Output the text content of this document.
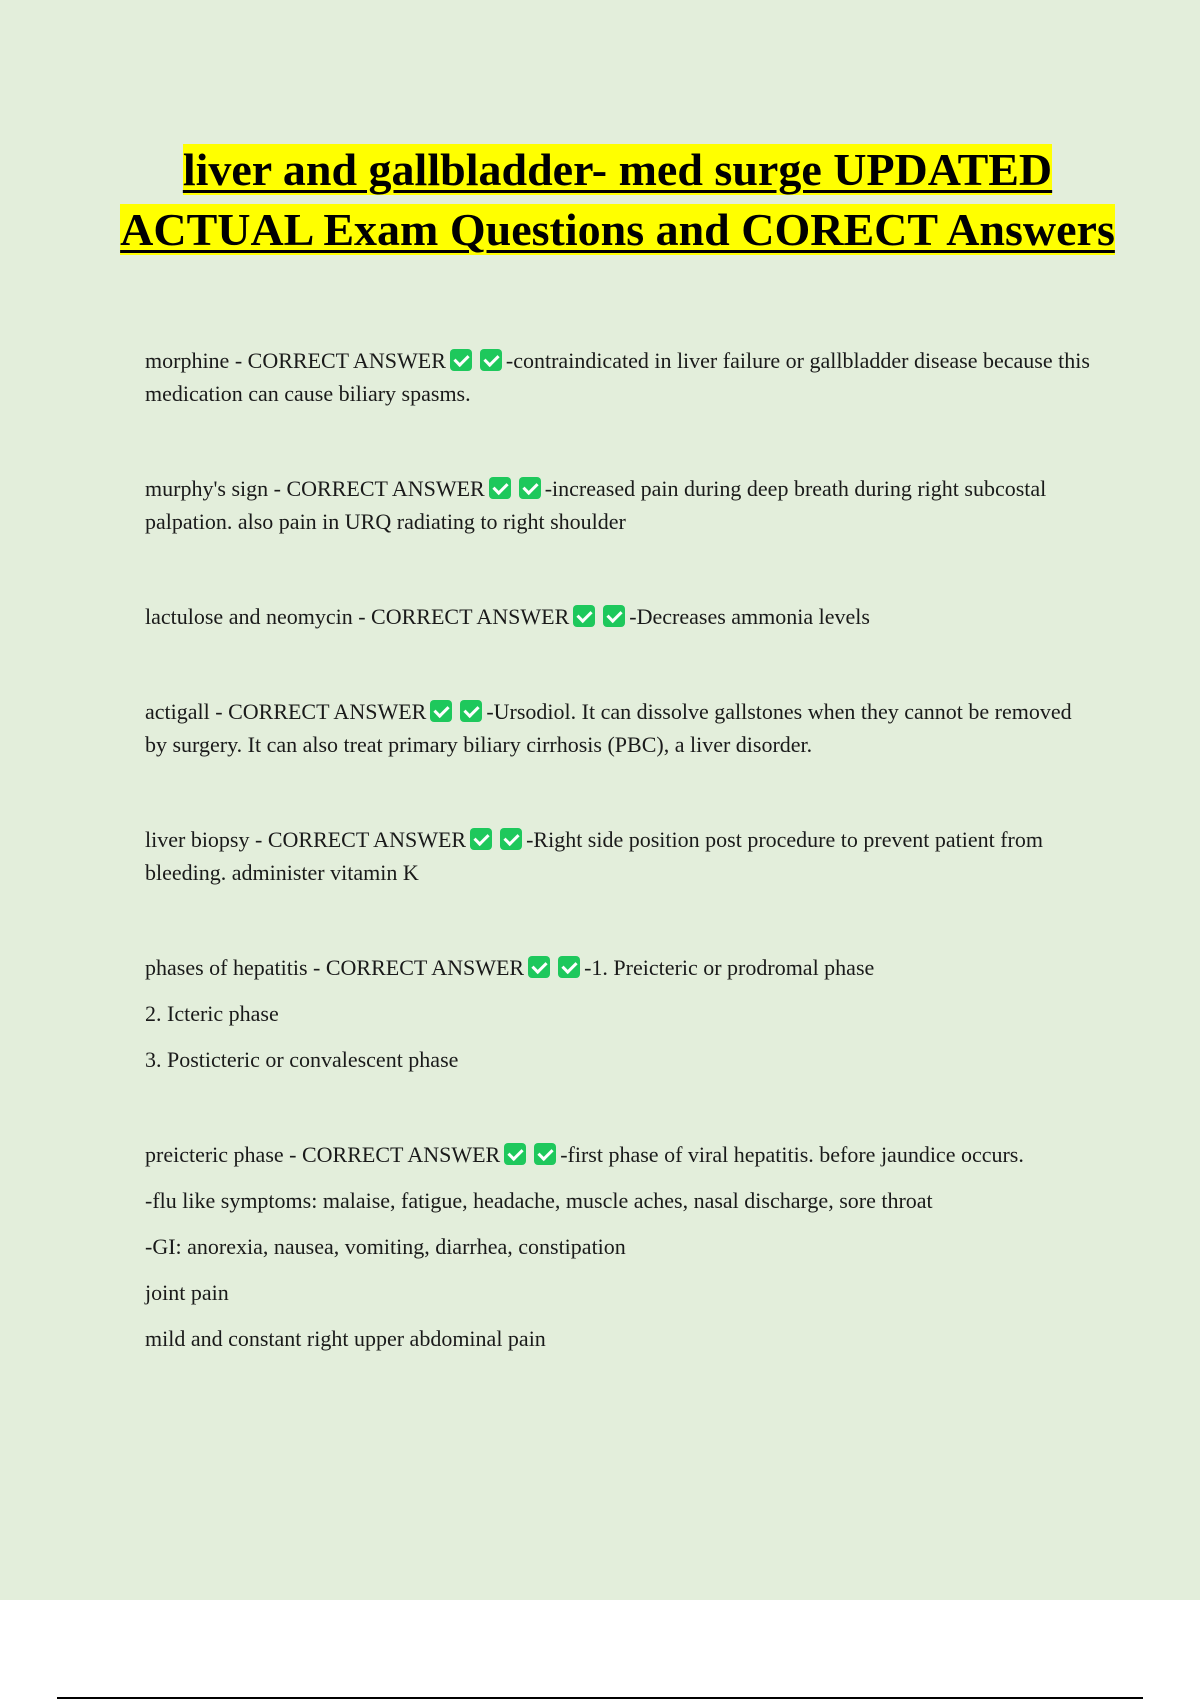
liver and gallbladder- med surge UPDATED ACTUAL Exam Questions and CORECT Answers

morphine - CORRECT ANSWER	-contraindicated in liver failure or gallbladder disease because this medication can cause biliary spasms.

murphy's sign - CORRECT ANSWER	-increased pain during deep breath during right subcostal palpation. also pain in URQ radiating to right shoulder

lactulose and neomycin - CORRECT ANSWER	-Decreases ammonia levels

actigall - CORRECT ANSWER	-Ursodiol. It can dissolve gallstones when they cannot be removed by surgery. It can also treat primary biliary cirrhosis (PBC), a liver disorder.

liver biopsy - CORRECT ANSWER	-Right side position post procedure to prevent patient from bleeding. administer vitamin K

phases of hepatitis - CORRECT ANSWER	-1. Preicteric or prodromal phase

2. Icteric phase

3. Posticteric or convalescent phase

preicteric phase - CORRECT ANSWER	-first phase of viral hepatitis. before jaundice occurs.

-flu like symptoms: malaise, fatigue, headache, muscle aches, nasal discharge, sore throat

-GI: anorexia, nausea, vomiting, diarrhea, constipation

joint pain

mild and constant right upper abdominal pain
